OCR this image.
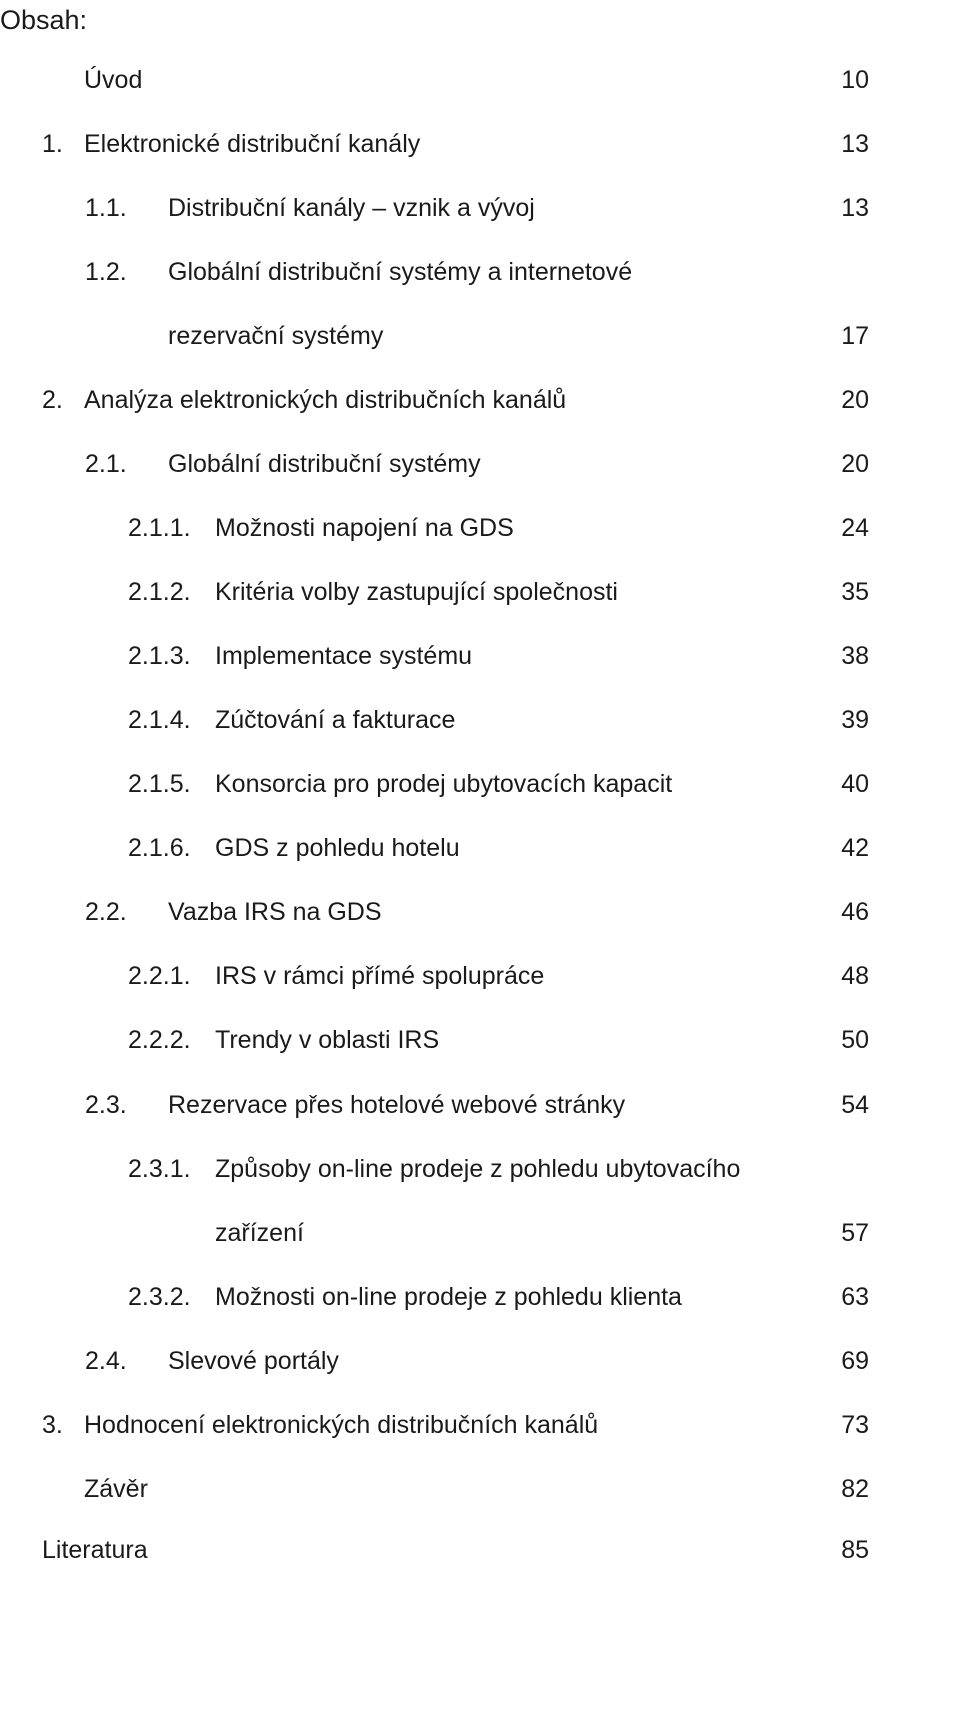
Obsah:
Úvod	10
1. Elektronické distribuční kanály	13
1.1. Distribuční kanály – vznik a vývoj	13
1.2. Globální distribuční systémy a internetové
rezervační systémy	17
2. Analýza elektronických distribučních kanálů	20
2.1. Globální distribuční systémy	20
2.1.1. Možnosti napojení na GDS	24
2.1.2. Kritéria volby zastupující společnosti	35
2.1.3. Implementace systému	38
2.1.4. Zúčtování a fakturace	39
2.1.5. Konsorcia pro prodej ubytovacích kapacit	40
2.1.6. GDS z pohledu hotelu	42
2.2. Vazba IRS na GDS	46
2.2.1. IRS v rámci přímé spolupráce	48
2.2.2. Trendy v oblasti IRS	50
2.3. Rezervace přes hotelové webové stránky	54
2.3.1. Způsoby on-line prodeje z pohledu ubytovacího
zařízení	57
2.3.2. Možnosti on-line prodeje z pohledu klienta	63
2.4. Slevové portály	69
3. Hodnocení elektronických distribučních kanálů	73
Závěr	82
Literatura	85
